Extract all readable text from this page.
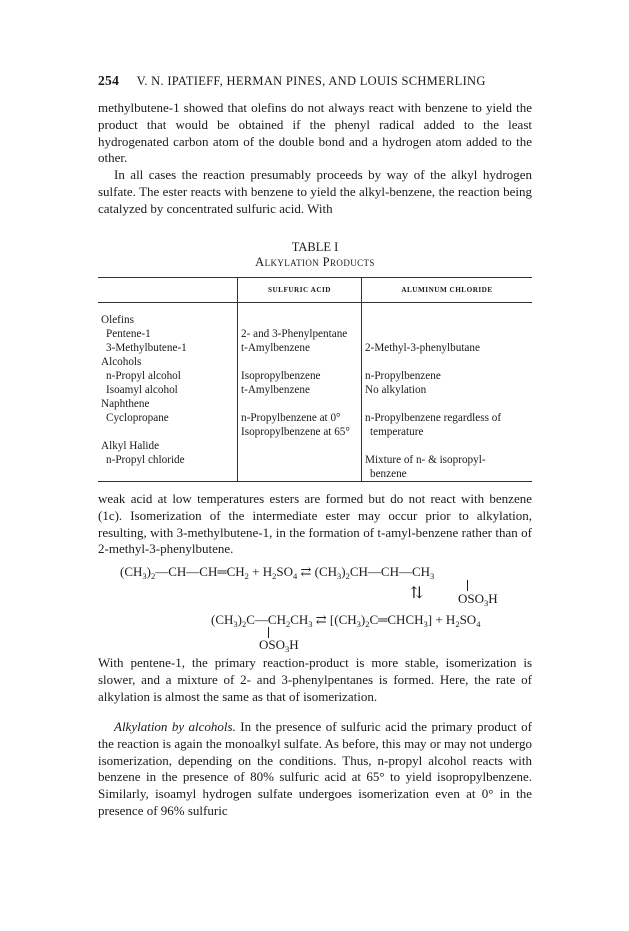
254 V. N. IPATIEFF, HERMAN PINES, AND LOUIS SCHMERLING

methylbutene-1 showed that olefins do not always react with benzene to yield the product that would be obtained if the phenyl radical added to the least hydrogenated carbon atom of the double bond and a hydrogen atom added to the other.

In all cases the reaction presumably proceeds by way of the alkyl hydrogen sulfate. The ester reacts with benzene to yield the alkyl-benzene, the reaction being catalyzed by concentrated sulfuric acid. With

TABLE I
Alkylation Products
	SULFURIC ACID	ALUMINUM CHLORIDE

Olefins		
Pentene-1	2- and 3-Phenylpentane	
3-Methylbutene-1	t-Amylbenzene	2-Methyl-3-phenylbutane
Alcohols		
n-Propyl alcohol	Isopropylbenzene	n-Propylbenzene
Isoamyl alcohol	t-Amylbenzene	No alkylation
Naphthene		
Cyclopropane	n-Propylbenzene at 0°	n-Propylbenzene regardless of
	Isopropylbenzene at 65°	temperature
Alkyl Halide		
n-Propyl chloride		Mixture of n- & isopropyl-
		benzene

weak acid at low temperatures esters are formed but do not react with benzene (1c). Isomerization of the intermediate ester may occur prior to alkylation, resulting, with 3-methylbutene-1, in the formation of t-amyl-benzene rather than of 2-methyl-3-phenylbutene.

$(CH_3)_2—CH—CH═CH_2 + H_2SO_4$ ⇄ $(CH_3)_2CH—CH—CH_3$
⇅	$OSO_3H$
$(CH_3)_2C—CH_2CH_3$ ⇄ $[(CH_3)_2C═CHCH_3] + H_2SO_4$
$OSO_3H$

With pentene-1, the primary reaction-product is more stable, isomerization is slower, and a mixture of 2- and 3-phenylpentanes is formed. Here, the rate of alkylation is almost the same as that of isomerization.

Alkylation by alcohols. In the presence of sulfuric acid the primary product of the reaction is again the monoalkyl sulfate. As before, this may or may not undergo isomerization, depending on the conditions. Thus, n-propyl alcohol reacts with benzene in the presence of 80% sulfuric acid at 65° to yield isopropylbenzene. Similarly, isoamyl hydrogen sulfate undergoes isomerization even at 0° in the presence of 96% sulfuric
